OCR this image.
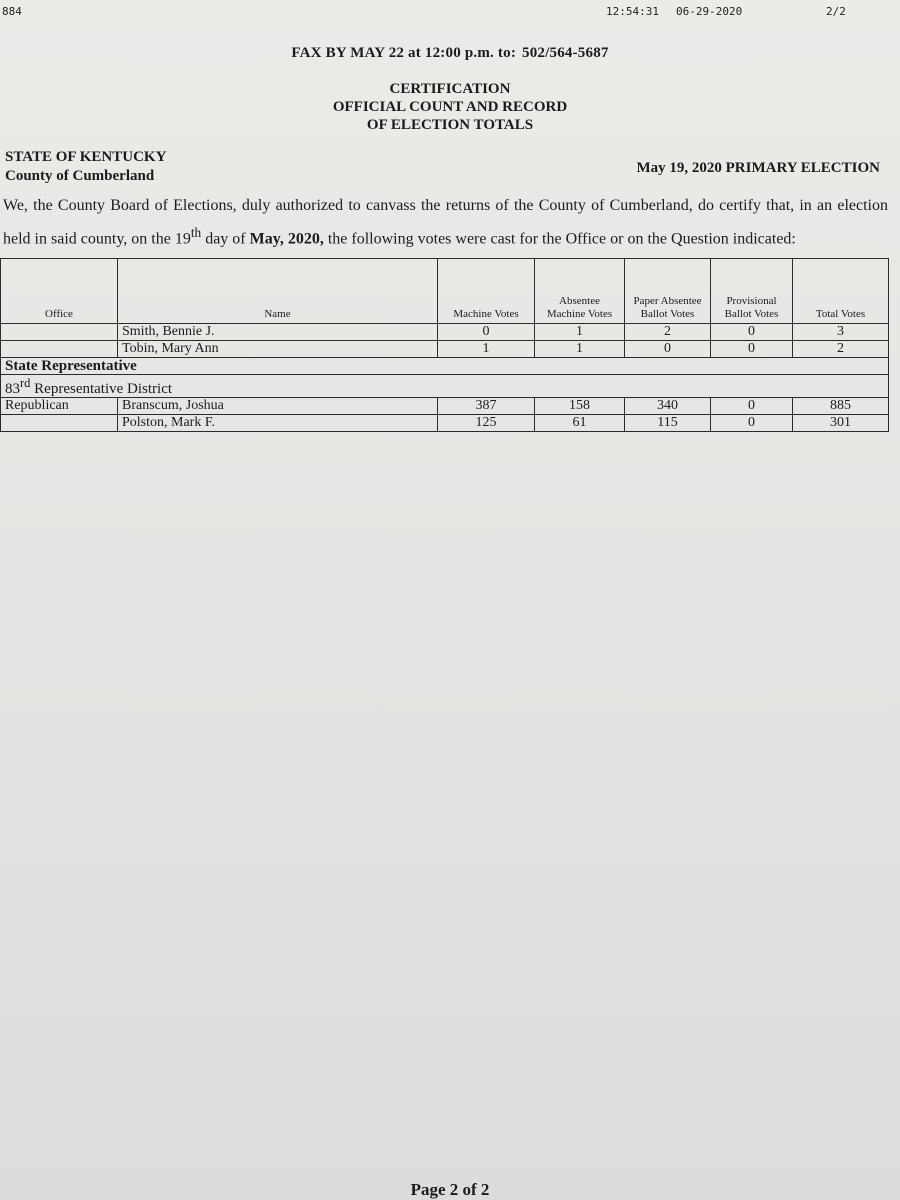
884	12:54:31 06-29-2020	2/2
FAX BY MAY 22 at 12:00 p.m. to: 502/564-5687
CERTIFICATION
OFFICIAL COUNT AND RECORD
OF ELECTION TOTALS
STATE OF KENTUCKY
County of Cumberland	May 19, 2020 PRIMARY ELECTION
We, the County Board of Elections, duly authorized to canvass the returns of the County of Cumberland, do certify that, in an election held in said county, on the 19th day of May, 2020, the following votes were cast for the Office or on the Question indicated:
Office	Name	Machine Votes	Absentee Machine Votes	Paper Absentee Ballot Votes	Provisional Ballot Votes	Total Votes
	Smith, Bennie J.	0	1	2	0	3
	Tobin, Mary Ann	1	1	0	0	2
State Representative						
83rd Representative District						
Republican	Branscum, Joshua	387	158	340	0	885
	Polston, Mark F.	125	61	115	0	301
Page 2 of 2
